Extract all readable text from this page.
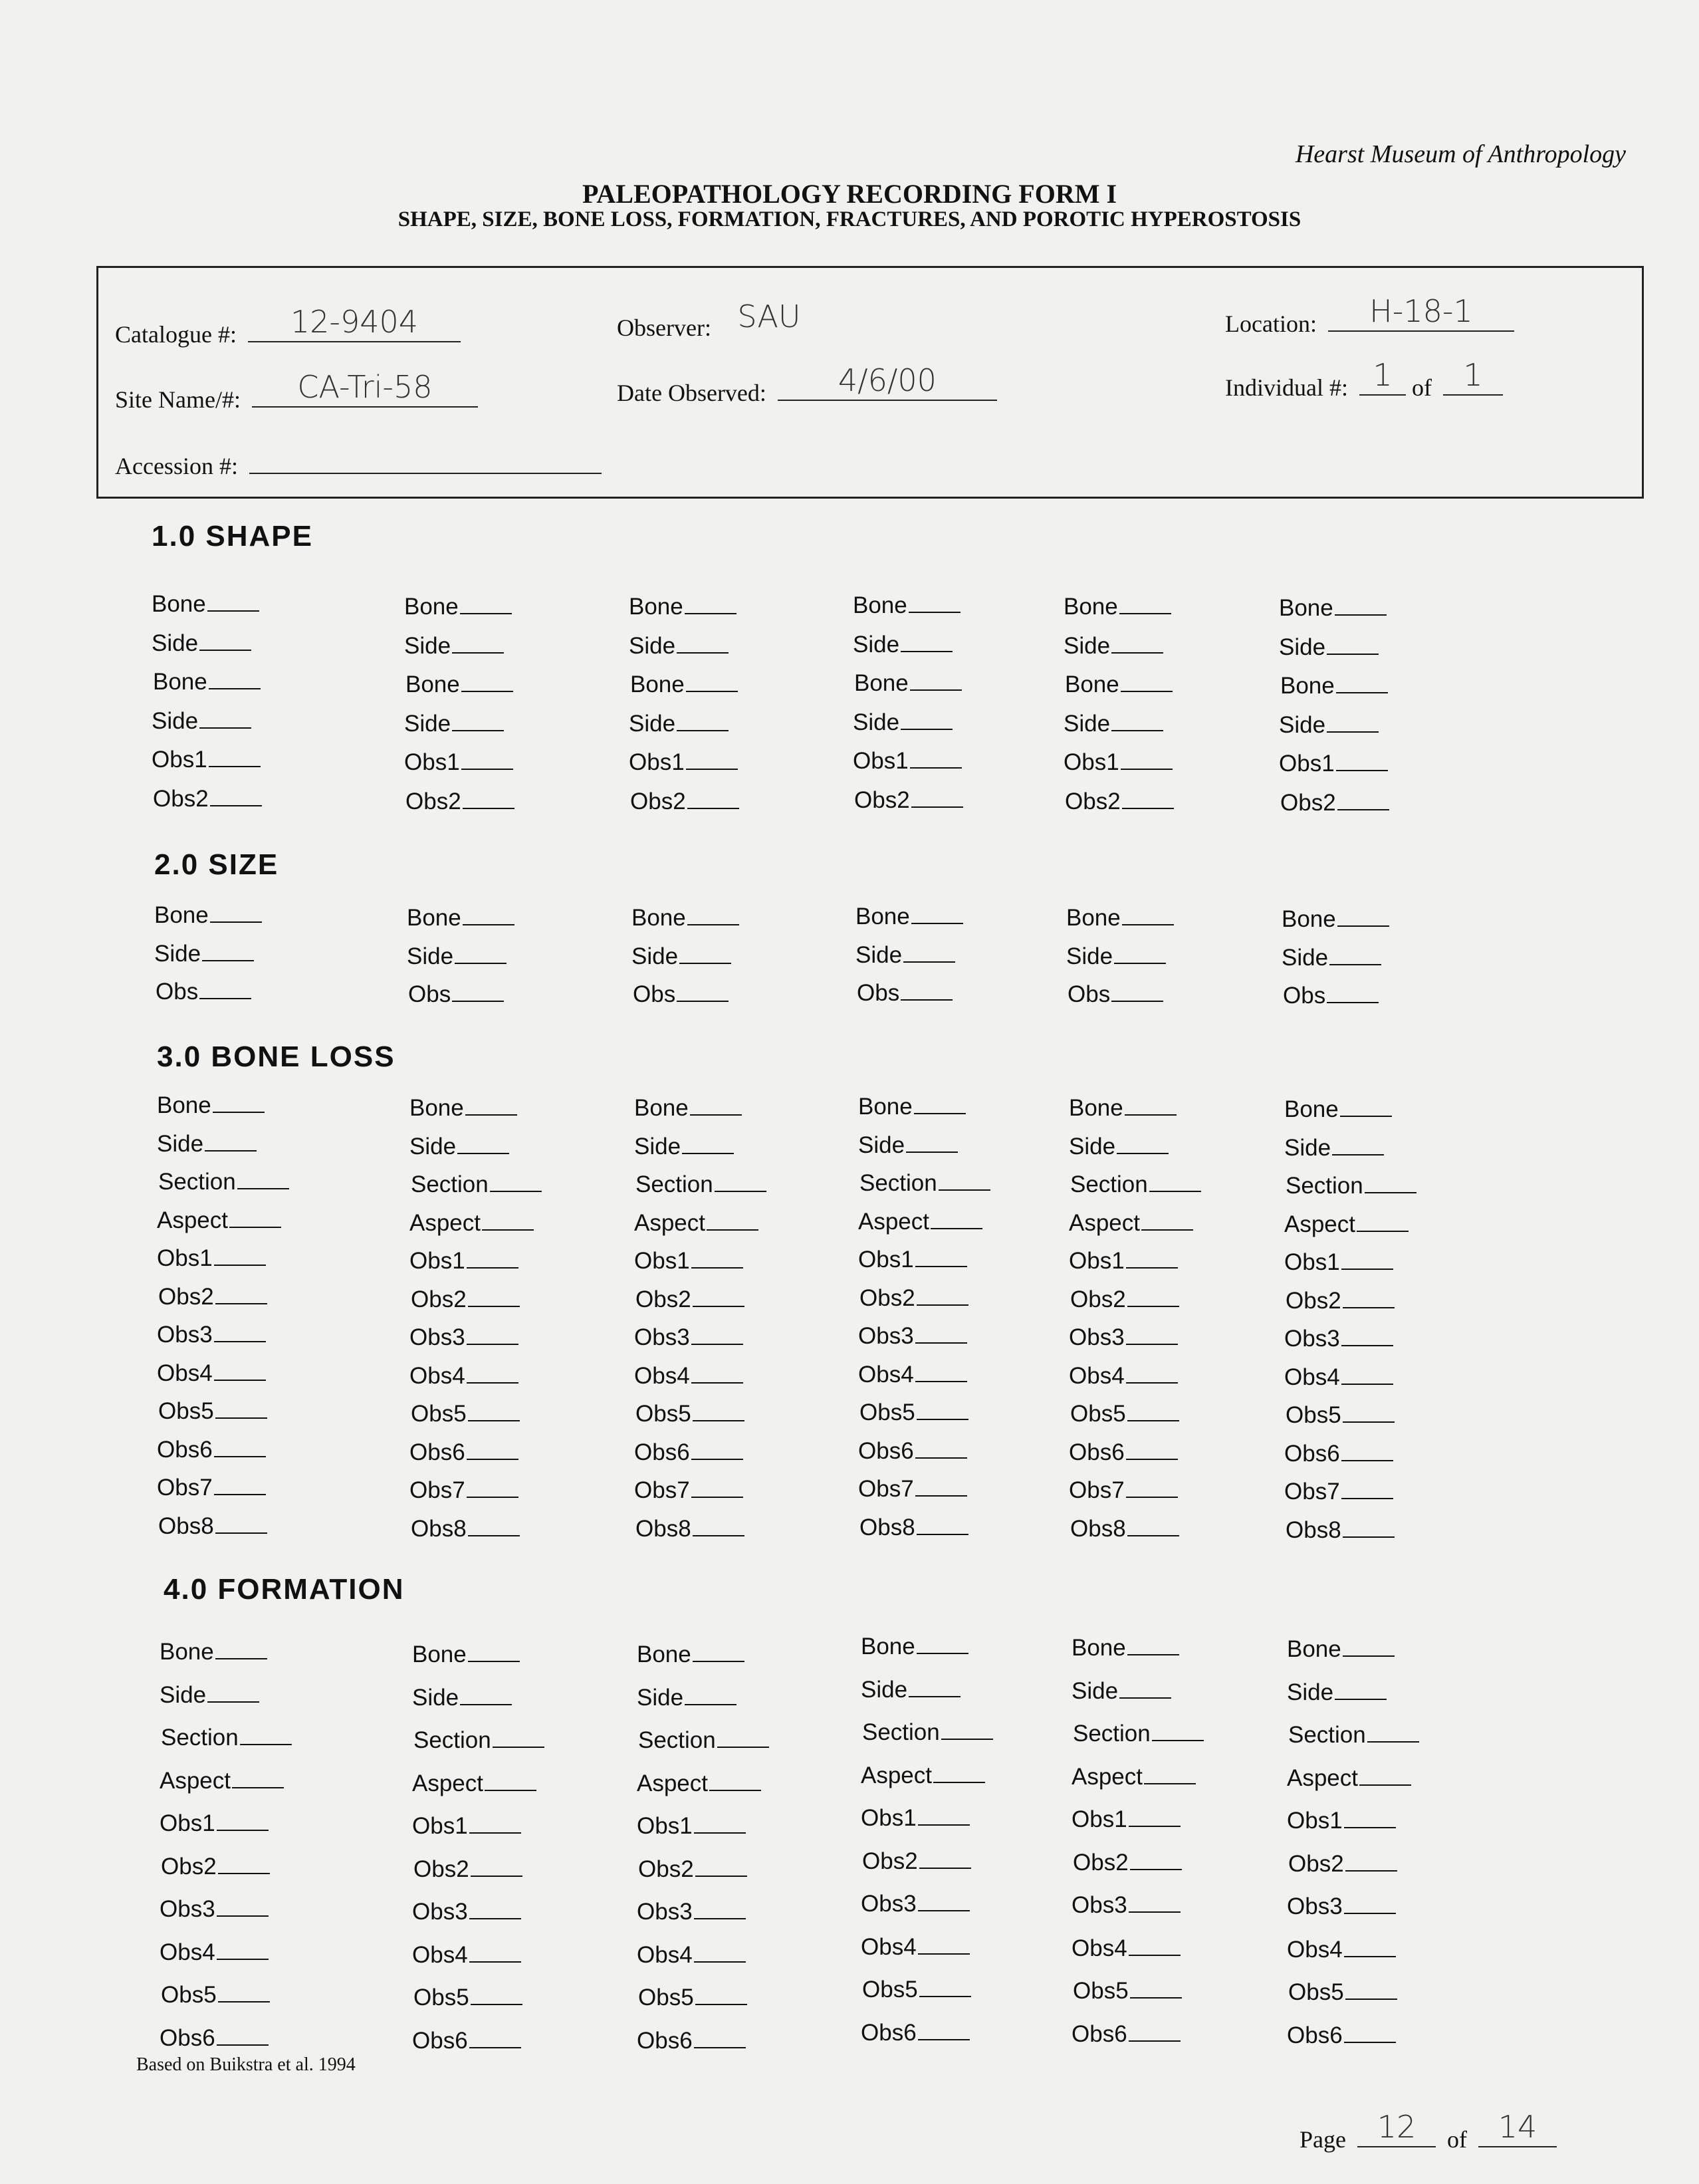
Hearst Museum of Anthropology
PALEOPATHOLOGY RECORDING FORM I
SHAPE, SIZE, BONE LOSS, FORMATION, FRACTURES, AND POROTIC HYPEROSTOSIS
Catalogue #:	12-9404	Observer: SAU	Location:	H-18-1
Site Name/#:	CA-Tri-58	Date Observed:	4/6/00	Individual #: 1 of	1
Accession #:
1.0 SHAPE
Bone
Side
Bone
Side
Obs1
Obs2
Bone
Side
Bone
Side
Obs1
Obs2
Bone
Side
Bone
Side
Obs1
Obs2
Bone
Side
Bone
Side
Obs1
Obs2
Bone
Side
Bone
Side
Obs1
Obs2
Bone
Side
Bone
Side
Obs1
Obs2
2.0 SIZE
Bone
Side
Obs
Bone
Side
Obs
Bone
Side
Obs
Bone
Side
Obs
Bone
Side
Obs
Bone
Side
Obs
3.0 BONE LOSS
Bone
Side
Section
Aspect
Obs1
Obs2
Obs3
Obs4
Obs5
Obs6
Obs7
Obs8
Bone
Side
Section
Aspect
Obs1
Obs2
Obs3
Obs4
Obs5
Obs6
Obs7
Obs8
Bone
Side
Section
Aspect
Obs1
Obs2
Obs3
Obs4
Obs5
Obs6
Obs7
Obs8
Bone
Side
Section
Aspect
Obs1
Obs2
Obs3
Obs4
Obs5
Obs6
Obs7
Obs8
Bone
Side
Section
Aspect
Obs1
Obs2
Obs3
Obs4
Obs5
Obs6
Obs7
Obs8
Bone
Side
Section
Aspect
Obs1
Obs2
Obs3
Obs4
Obs5
Obs6
Obs7
Obs8
4.0 FORMATION
Bone
Side
Section
Aspect
Obs1
Obs2
Obs3
Obs4
Obs5
Obs6
Bone
Side
Section
Aspect
Obs1
Obs2
Obs3
Obs4
Obs5
Obs6
Bone
Side
Section
Aspect
Obs1
Obs2
Obs3
Obs4
Obs5
Obs6
Bone
Side
Section
Aspect
Obs1
Obs2
Obs3
Obs4
Obs5
Obs6
Bone
Side
Section
Aspect
Obs1
Obs2
Obs3
Obs4
Obs5
Obs6
Bone
Side
Section
Aspect
Obs1
Obs2
Obs3
Obs4
Obs5
Obs6
Based on Buikstra et al. 1994
Page	12	of	14
